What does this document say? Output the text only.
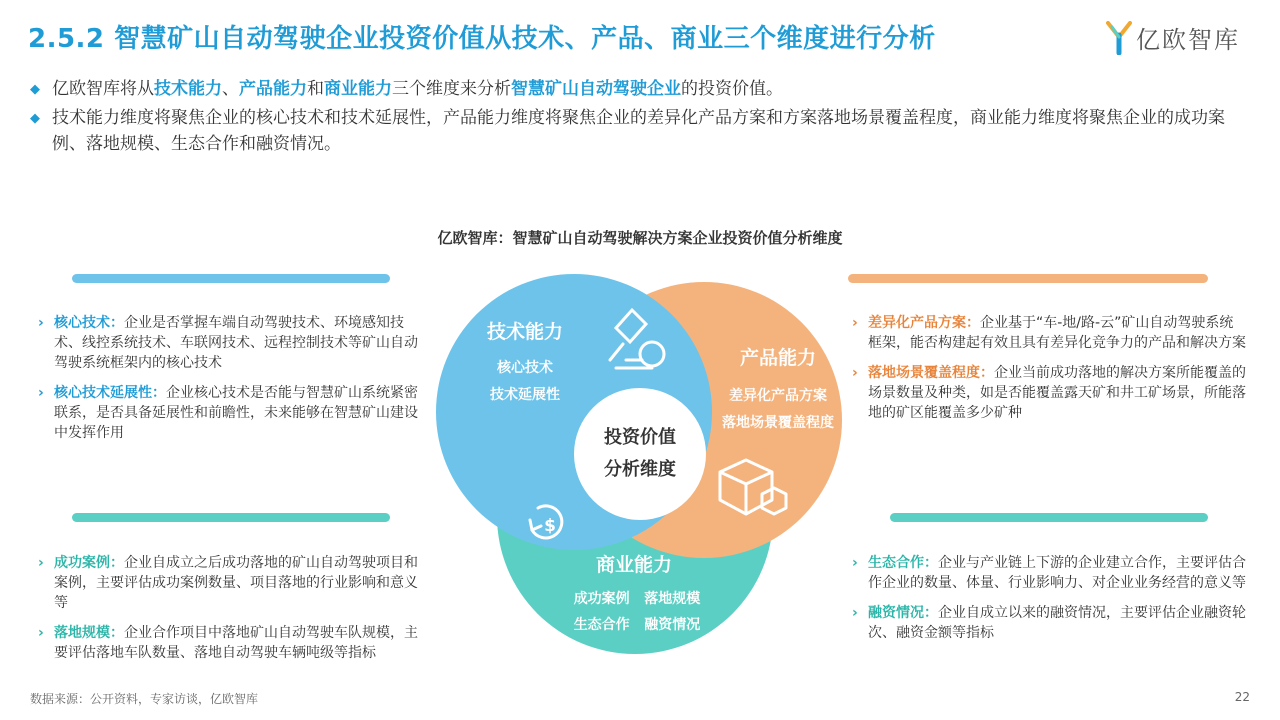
2.5.2 智慧矿山自动驾驶企业投资价值从技术、产品、商业三个维度进行分析	亿欧智库
◆ 亿欧智库将从技术能力、产品能力和商业能力三个维度来分析智慧矿山自动驾驶企业的投资价值。
◆ 技术能力维度将聚焦企业的核心技术和技术延展性，产品能力维度将聚焦企业的差异化产品方案和方案落地场景覆盖程度，商业能力维度将聚焦企业的成功案例、落地规模、生态合作和融资情况。
亿欧智库：智慧矿山自动驾驶解决方案企业投资价值分析维度
› 核心技术：企业是否掌握车端自动驾驶技术、环境感知技术、线控系统技术、车联网技术、远程控制技术等矿山自动驾驶系统框架内的核心技术
› 核心技术延展性：企业核心技术是否能与智慧矿山系统紧密联系，是否具备延展性和前瞻性，未来能够在智慧矿山建设中发挥作用
› 差异化产品方案：企业基于“车-地/路-云”矿山自动驾驶系统框架，能否构建起有效且具有差异化竞争力的产品和解决方案
› 落地场景覆盖程度：企业当前成功落地的解决方案所能覆盖的场景数量及种类，如是否能覆盖露天矿和井工矿场景，所能落地的矿区能覆盖多少矿种
› 成功案例：企业自成立之后成功落地的矿山自动驾驶项目和案例，主要评估成功案例数量、项目落地的行业影响和意义等
› 落地规模：企业合作项目中落地矿山自动驾驶车队规模，主要评估落地车队数量、落地自动驾驶车辆吨级等指标
› 生态合作：企业与产业链上下游的企业建立合作，主要评估合作企业的数量、体量、行业影响力、对企业业务经营的意义等
› 融资情况：企业自成立以来的融资情况，主要评估企业融资轮次、融资金额等指标
技术能力
核心技术
技术延展性
产品能力
差异化产品方案
落地场景覆盖程度
$
商业能力
成功案例   落地规模
生态合作   融资情况
投资价值
分析维度
数据来源：公开资料，专家访谈，亿欧智库	22
